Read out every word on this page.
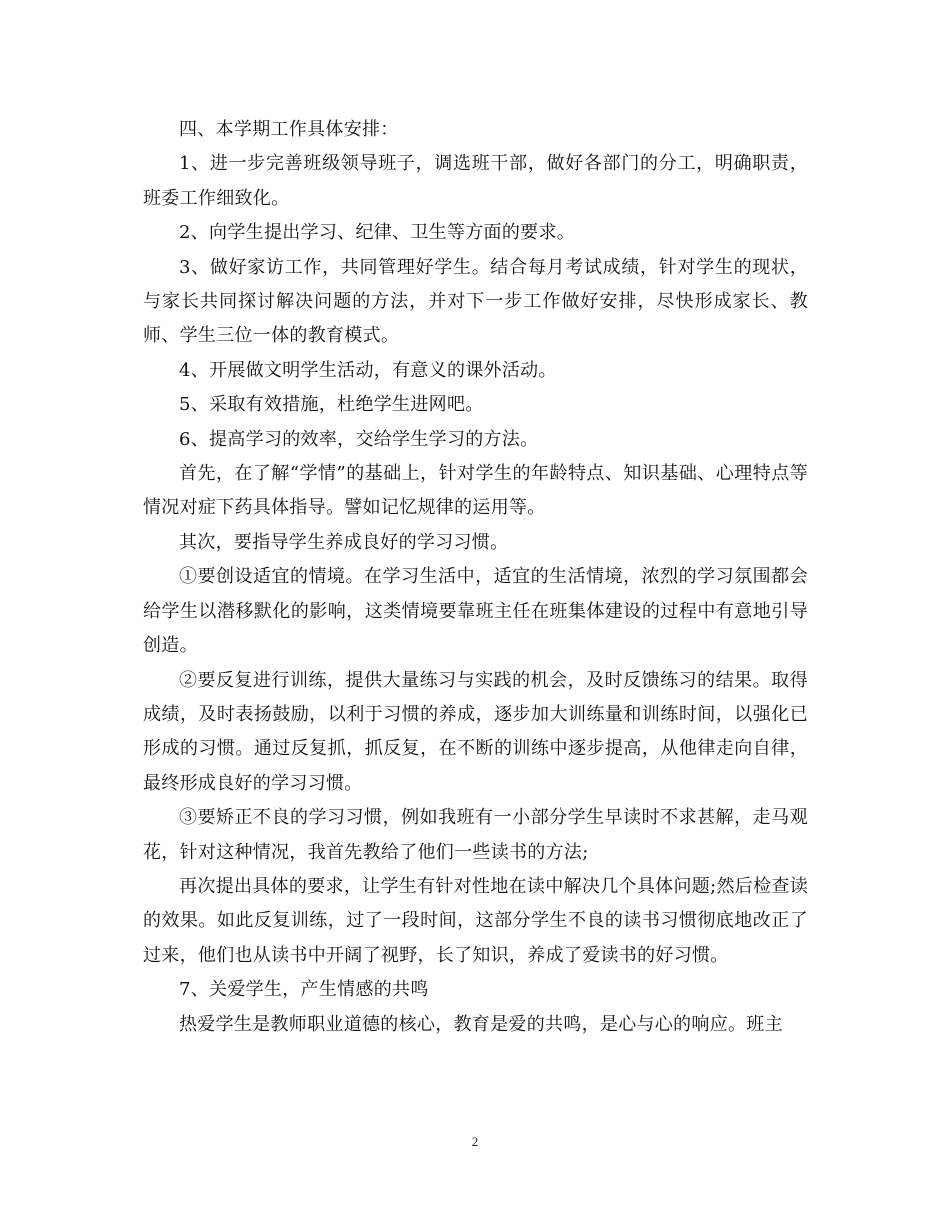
四、本学期工作具体安排：

1、进一步完善班级领导班子，调选班干部，做好各部门的分工，明确职责，班委工作细致化。

2、向学生提出学习、纪律、卫生等方面的要求。

3、做好家访工作，共同管理好学生。结合每月考试成绩，针对学生的现状，与家长共同探讨解决问题的方法，并对下一步工作做好安排，尽快形成家长、教师、学生三位一体的教育模式。

4、开展做文明学生活动，有意义的课外活动。

5、采取有效措施，杜绝学生进网吧。

6、提高学习的效率，交给学生学习的方法。

首先，在了解“学情”的基础上，针对学生的年龄特点、知识基础、心理特点等情况对症下药具体指导。譬如记忆规律的运用等。

其次，要指导学生养成良好的学习习惯。

①要创设适宜的情境。在学习生活中，适宜的生活情境，浓烈的学习氛围都会给学生以潜移默化的影响，这类情境要靠班主任在班集体建设的过程中有意地引导创造。

②要反复进行训练，提供大量练习与实践的机会，及时反馈练习的结果。取得成绩，及时表扬鼓励，以利于习惯的养成，逐步加大训练量和训练时间，以强化已形成的习惯。通过反复抓，抓反复，在不断的训练中逐步提高，从他律走向自律，最终形成良好的学习习惯。

③要矫正不良的学习习惯，例如我班有一小部分学生早读时不求甚解，走马观花，针对这种情况，我首先教给了他们一些读书的方法;

再次提出具体的要求，让学生有针对性地在读中解决几个具体问题;然后检查读的效果。如此反复训练，过了一段时间，这部分学生不良的读书习惯彻底地改正了过来，他们也从读书中开阔了视野，长了知识，养成了爱读书的好习惯。

7、关爱学生，产生情感的共鸣

热爱学生是教师职业道德的核心，教育是爱的共鸣，是心与心的响应。班主

2
